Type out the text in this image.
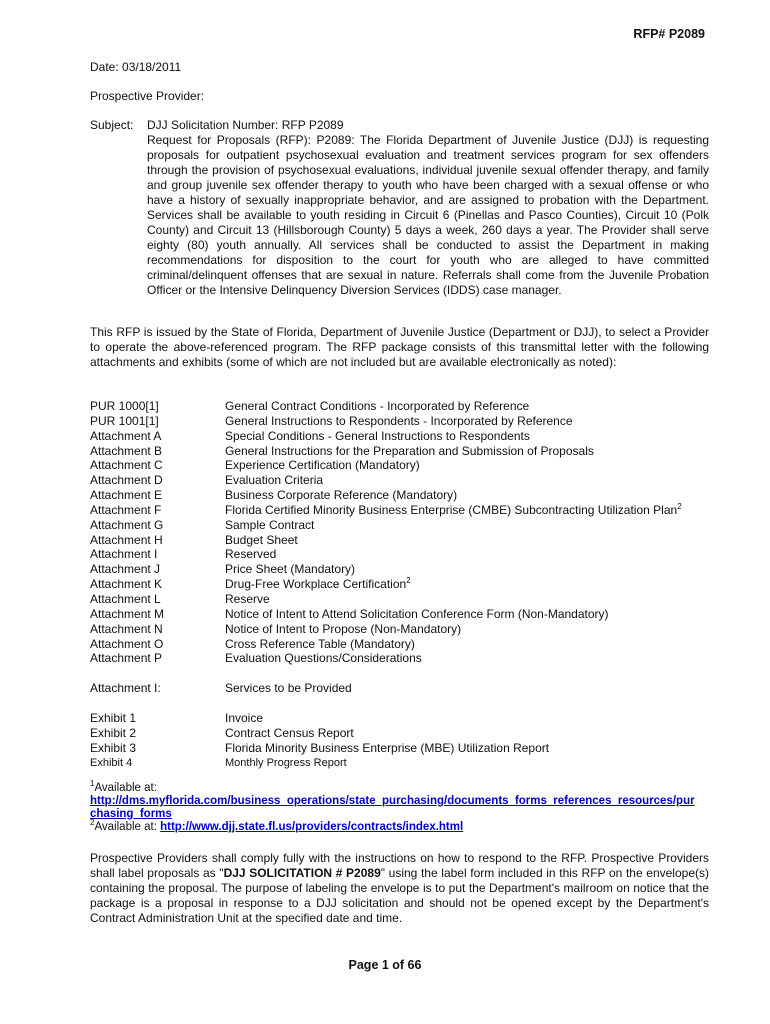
RFP# P2089
Date: 03/18/2011
Prospective Provider:
Subject: DJJ Solicitation Number: RFP P2089
Request for Proposals (RFP): P2089: The Florida Department of Juvenile Justice (DJJ) is requesting proposals for outpatient psychosexual evaluation and treatment services program for sex offenders through the provision of psychosexual evaluations, individual juvenile sexual offender therapy, and family and group juvenile sex offender therapy to youth who have been charged with a sexual offense or who have a history of sexually inappropriate behavior, and are assigned to probation with the Department. Services shall be available to youth residing in Circuit 6 (Pinellas and Pasco Counties), Circuit 10 (Polk County) and Circuit 13 (Hillsborough County) 5 days a week, 260 days a year. The Provider shall serve eighty (80) youth annually. All services shall be conducted to assist the Department in making recommendations for disposition to the court for youth who are alleged to have committed criminal/delinquent offenses that are sexual in nature. Referrals shall come from the Juvenile Probation Officer or the Intensive Delinquency Diversion Services (IDDS) case manager.
This RFP is issued by the State of Florida, Department of Juvenile Justice (Department or DJJ), to select a Provider to operate the above-referenced program. The RFP package consists of this transmittal letter with the following attachments and exhibits (some of which are not included but are available electronically as noted):
PUR 1000[1]	General Contract Conditions - Incorporated by Reference
PUR 1001[1]	General Instructions to Respondents - Incorporated by Reference
Attachment A	Special Conditions - General Instructions to Respondents
Attachment B	General Instructions for the Preparation and Submission of Proposals
Attachment C	Experience Certification (Mandatory)
Attachment D	Evaluation Criteria
Attachment E	Business Corporate Reference (Mandatory)
Attachment F	Florida Certified Minority Business Enterprise (CMBE) Subcontracting Utilization Plan$^2$
Attachment G	Sample Contract
Attachment H	Budget Sheet
Attachment I	Reserved
Attachment J	Price Sheet (Mandatory)
Attachment K	Drug-Free Workplace Certification$^2$
Attachment L	Reserve
Attachment M	Notice of Intent to Attend Solicitation Conference Form (Non-Mandatory)
Attachment N	Notice of Intent to Propose (Non-Mandatory)
Attachment O	Cross Reference Table (Mandatory)
Attachment P	Evaluation Questions/Considerations
Attachment I:	Services to be Provided
Exhibit 1	Invoice
Exhibit 2	Contract Census Report
Exhibit 3	Florida Minority Business Enterprise (MBE) Utilization Report
Exhibit 4	Monthly Progress Report
$^1$Available at:
http://dms.myflorida.com/business_operations/state_purchasing/documents_forms_references_resources/pur
chasing_forms
$^2$Available at: http://www.djj.state.fl.us/providers/contracts/index.html
Prospective Providers shall comply fully with the instructions on how to respond to the RFP. Prospective Providers shall label proposals as "DJJ SOLICITATION # P2089" using the label form included in this RFP on the envelope(s) containing the proposal. The purpose of labeling the envelope is to put the Department's mailroom on notice that the package is a proposal in response to a DJJ solicitation and should not be opened except by the Department's Contract Administration Unit at the specified date and time.
Page 1 of 66
